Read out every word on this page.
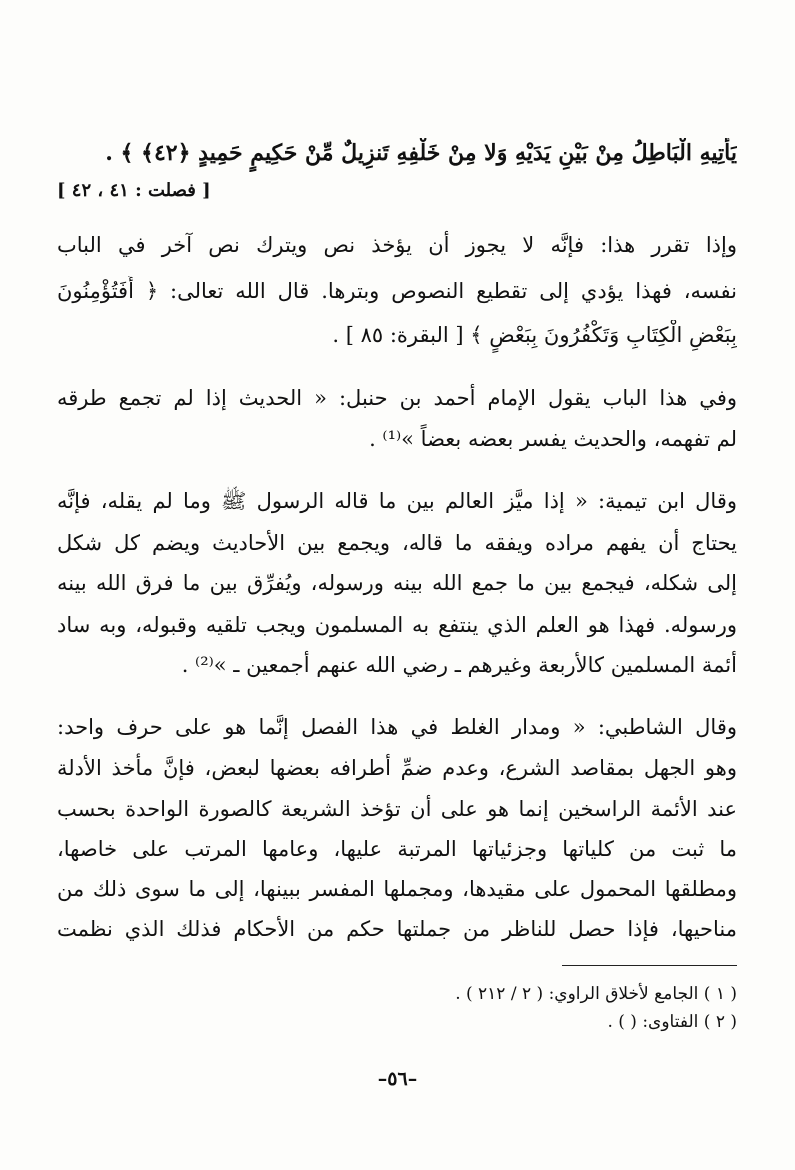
يَأْتِيهِ الْبَاطِلُ مِنْ بَيْنِ يَدَيْهِ وَلا مِنْ خَلْفِهِ تَنزِيلٌ مِّنْ حَكِيمٍ حَمِيدٍ ﴿٤٢﴾ ﴾ .
[ فصلت : ٤١ ، ٤٢ ]
وإذا تقرر هذا: فإنَّه لا يجوز أن يؤخذ نص ويترك نص آخر في الباب
نفسه، فهذا يؤدي إلى تقطيع النصوص وبترها. قال الله تعالى: ﴿ أَفَتُؤْمِنُونَ
بِبَعْضِ الْكِتَابِ وَتَكْفُرُونَ بِبَعْضٍ ﴾ [ البقرة: ٨٥ ] .
وفي هذا الباب يقول الإمام أحمد بن حنبل: « الحديث إذا لم تجمع طرقه
لم تفهمه، والحديث يفسر بعضه بعضاً »⁽¹⁾ .
وقال ابن تيمية: « إذا ميَّز العالم بين ما قاله الرسول ﷺ وما لم يقله، فإنَّه
يحتاج أن يفهم مراده ويفقه ما قاله، ويجمع بين الأحاديث ويضم كل شكل
إلى شكله، فيجمع بين ما جمع الله بينه ورسوله، ويُفرِّق بين ما فرق الله بينه
ورسوله. فهذا هو العلم الذي ينتفع به المسلمون ويجب تلقيه وقبوله، وبه ساد
أئمة المسلمين كالأربعة وغيرهم ـ رضي الله عنهم أجمعين ـ »⁽²⁾ .
وقال الشاطبي: « ومدار الغلط في هذا الفصل إنَّما هو على حرف واحد:
وهو الجهل بمقاصد الشرع، وعدم ضمِّ أطرافه بعضها لبعض، فإنَّ مأخذ الأدلة
عند الأئمة الراسخين إنما هو على أن تؤخذ الشريعة كالصورة الواحدة بحسب
ما ثبت من كلياتها وجزئياتها المرتبة عليها، وعامها المرتب على خاصها،
ومطلقها المحمول على مقيدها، ومجملها المفسر ببينها، إلى ما سوى ذلك من
مناحيها، فإذا حصل للناظر من جملتها حكم من الأحكام فذلك الذي نظمت
( ١ ) الجامع لأخلاق الراوي: ( ٢ / ٢١٢ ) .
( ٢ ) الفتاوى: ( ) .
–٥٦–
